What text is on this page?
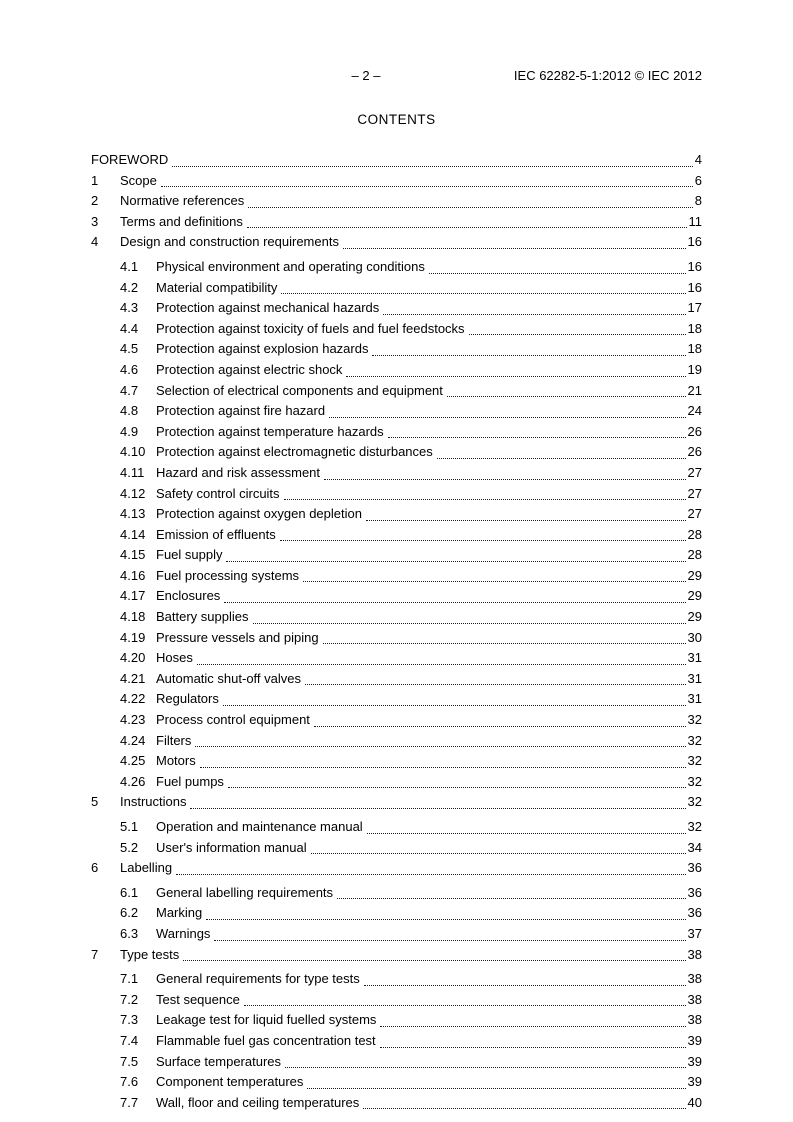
– 2 –	IEC 62282-5-1:2012 © IEC 2012
CONTENTS
FOREWORD	4
1	Scope	6
2	Normative references	8
3	Terms and definitions	11
4	Design and construction requirements	16
4.1	Physical environment and operating conditions	16
4.2	Material compatibility	16
4.3	Protection against mechanical hazards	17
4.4	Protection against toxicity of fuels and fuel feedstocks	18
4.5	Protection against explosion hazards	18
4.6	Protection against electric shock	19
4.7	Selection of electrical components and equipment	21
4.8	Protection against fire hazard	24
4.9	Protection against temperature hazards	26
4.10 Protection against electromagnetic disturbances	26
4.11 Hazard and risk assessment	27
4.12 Safety control circuits	27
4.13 Protection against oxygen depletion	27
4.14 Emission of effluents	28
4.15 Fuel supply	28
4.16 Fuel processing systems	29
4.17 Enclosures	29
4.18 Battery supplies	29
4.19 Pressure vessels and piping	30
4.20 Hoses	31
4.21 Automatic shut-off valves	31
4.22 Regulators	31
4.23 Process control equipment	32
4.24 Filters	32
4.25 Motors	32
4.26 Fuel pumps	32
5	Instructions	32
5.1	Operation and maintenance manual	32
5.2	User's information manual	34
6	Labelling	36
6.1	General labelling requirements	36
6.2	Marking	36
6.3	Warnings	37
7	Type tests	38
7.1	General requirements for type tests	38
7.2	Test sequence	38
7.3	Leakage test for liquid fuelled systems	38
7.4	Flammable fuel gas concentration test	39
7.5	Surface temperatures	39
7.6	Component temperatures	39
7.7	Wall, floor and ceiling temperatures	40
